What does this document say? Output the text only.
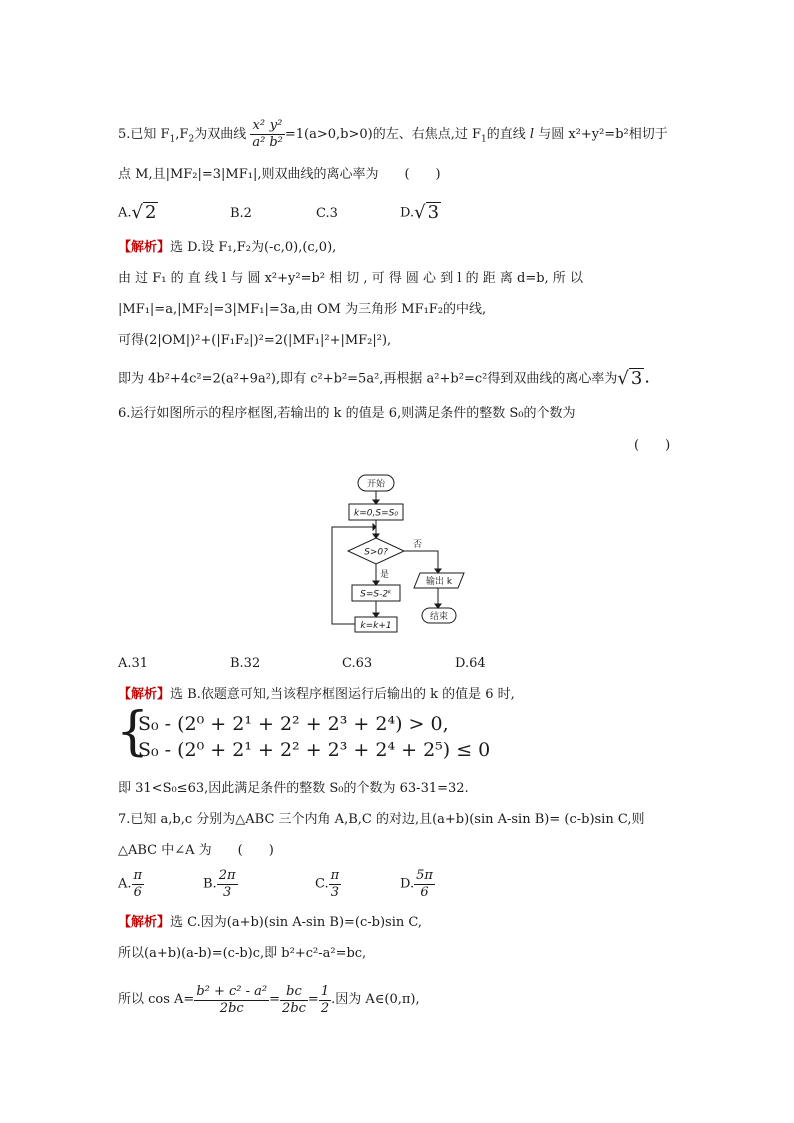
5.已知 $F_1,F_2$为双曲线 $\frac{\text{x²}}{\text{a²}} \frac{\text{y²}}{\text{b²}} =1(a>0,b>0)$的左、右焦点,过 $F_1$的直线 l 与圆 x²+y²=b²相切于
点 M,且|MF₂|=3|MF₁|,则双曲线的离心率为　　(　　)
A.√ 2	B.2	C.3	D.√ 3
【解析】选 D.设 F₁,F₂为(-c,0),(c,0),
由 过 F₁ 的 直 线 l 与 圆 x²+y²=b² 相 切 , 可 得 圆 心 到 l 的 距 离 d=b, 所 以
|MF₁|=a,|MF₂|=3|MF₁|=3a,由 OM 为三角形 MF₁F₂的中线,
可得(2|OM|)²+(|F₁F₂|)²=2(|MF₁|²+|MF₂|²),
即为 4b²+4c²=2(a²+9a²),即有 c²+b²=5a²,再根据 a²+b²=c²得到双曲线的离心率为√ 3 .
6.运行如图所示的程序框图,若输出的 k 的值是 6,则满足条件的整数 S₀的个数为
(　　)
开始
k=0,S=S₀
S>0?
否
是
S=S-2ᵏ
输出 k
结束
k=k+1
A.31	B.32	C.63	D.64
【解析】选 B.依题意可知,当该程序框图运行后输出的 k 的值是 6 时,
{
S₀ - (2⁰ + 2¹ + 2² + 2³ + 2⁴) > 0,
S₀ - (2⁰ + 2¹ + 2² + 2³ + 2⁴ + 2⁵) ≤ 0
即 31<S₀≤63,因此满足条件的整数 S₀的个数为 63-31=32.
7.已知 a,b,c 分别为△ABC 三个内角 A,B,C 的对边,且(a+b)(sin A-sin B)= (c-b)sin C,则
△ABC 中∠A 为　　(　　)
A. $\frac{\pi}{6}$	B. $\frac{2\pi}{3}$	C. $\frac{\pi}{3}$	D. $\frac{5\pi}{6}$
【解析】选 C.因为(a+b)(sin A-sin B)=(c-b)sin C,
所以(a+b)(a-b)=(c-b)c,即 b²+c²-a²=bc,
所以 $\cos A= \frac{\text{b² + c² - a²}}{2bc} = \frac{bc}{2bc} = \frac{1}{2}$ .因为 A∈(0,π),
